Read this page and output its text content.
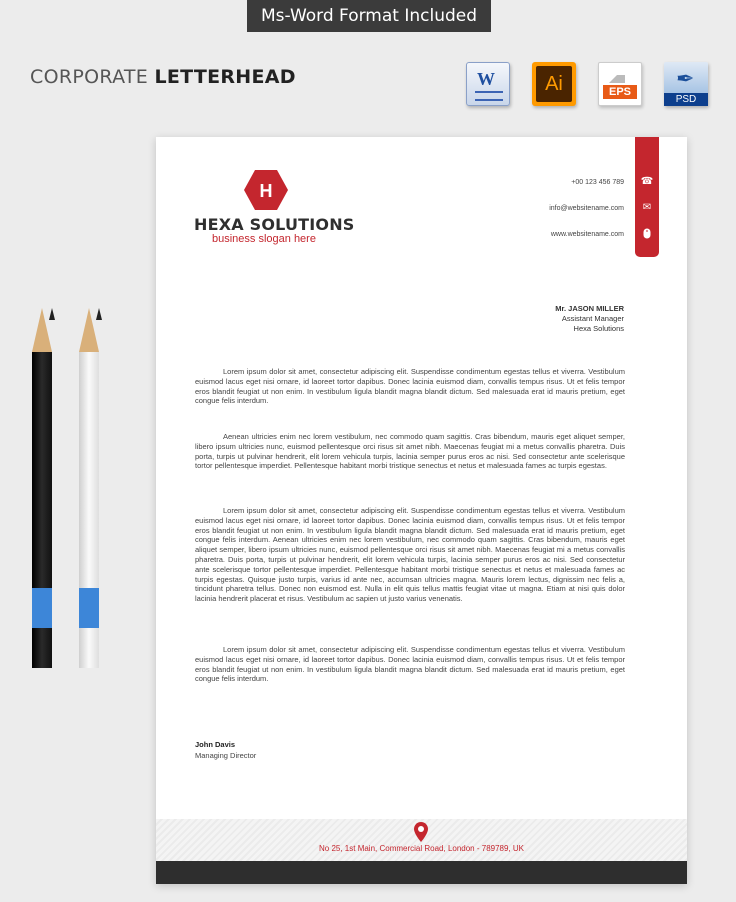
Ms-Word Format Included
CORPORATE LETTERHEAD	W	Ai	EPS
✒
PSD
H
HEXA SOLUTIONS
business slogan here
+00 123 456 789
info@websitename.com
www.websitename.com
☎
✉
Mr. JASON MILLER
Assistant Manager
Hexa Solutions
Lorem ipsum dolor sit amet, consectetur adipiscing elit. Suspendisse condimentum egestas tellus et viverra. Vestibulum euismod lacus eget nisi ornare, id laoreet tortor dapibus. Donec lacinia euismod diam, convallis tempus risus. Ut et felis tempor eros blandit feugiat ut non enim. In vestibulum ligula blandit magna blandit dictum. Sed malesuada erat id mauris pretium, eget congue felis interdum.
Aenean ultricies enim nec lorem vestibulum, nec commodo quam sagittis. Cras bibendum, mauris eget aliquet semper, libero ipsum ultricies nunc, euismod pellentesque orci risus sit amet nibh. Maecenas feugiat mi a metus convallis pharetra. Duis porta, turpis ut pulvinar hendrerit, elit lorem vehicula turpis, lacinia semper purus eros ac nisi. Sed consectetur ante scelerisque tortor pellentesque imperdiet. Pellentesque habitant morbi tristique senectus et netus et malesuada fames ac turpis egestas.
Lorem ipsum dolor sit amet, consectetur adipiscing elit. Suspendisse condimentum egestas tellus et viverra. Vestibulum euismod lacus eget nisi ornare, id laoreet tortor dapibus. Donec lacinia euismod diam, convallis tempus risus. Ut et felis tempor eros blandit feugiat ut non enim. In vestibulum ligula blandit magna blandit dictum. Sed malesuada erat id mauris pretium, eget congue felis interdum. Aenean ultricies enim nec lorem vestibulum, nec commodo quam sagittis. Cras bibendum, mauris eget aliquet semper, libero ipsum ultricies nunc, euismod pellentesque orci risus sit amet nibh. Maecenas feugiat mi a metus convallis pharetra. Duis porta, turpis ut pulvinar hendrerit, elit lorem vehicula turpis, lacinia semper purus eros ac nisi. Sed consectetur ante scelerisque tortor pellentesque imperdiet. Pellentesque habitant morbi tristique senectus et netus et malesuada fames ac turpis egestas. Quisque justo turpis, varius id ante nec, accumsan ultricies magna. Mauris lorem lectus, dignissim nec felis a, tincidunt pharetra tellus. Donec non euismod est. Nulla in elit quis tellus mattis feugiat vitae ut magna. Etiam at nisi quis dolor lacinia hendrerit placerat et risus. Vestibulum ac sapien ut justo varius venenatis.
Lorem ipsum dolor sit amet, consectetur adipiscing elit. Suspendisse condimentum egestas tellus et viverra. Vestibulum euismod lacus eget nisi ornare, id laoreet tortor dapibus. Donec lacinia euismod diam, convallis tempus risus. Ut et felis tempor eros blandit feugiat ut non enim. In vestibulum ligula blandit magna blandit dictum. Sed malesuada erat id mauris pretium, eget congue felis interdum.
John Davis
Managing Director
No 25, 1st Main, Commercial Road, London - 789789, UK
